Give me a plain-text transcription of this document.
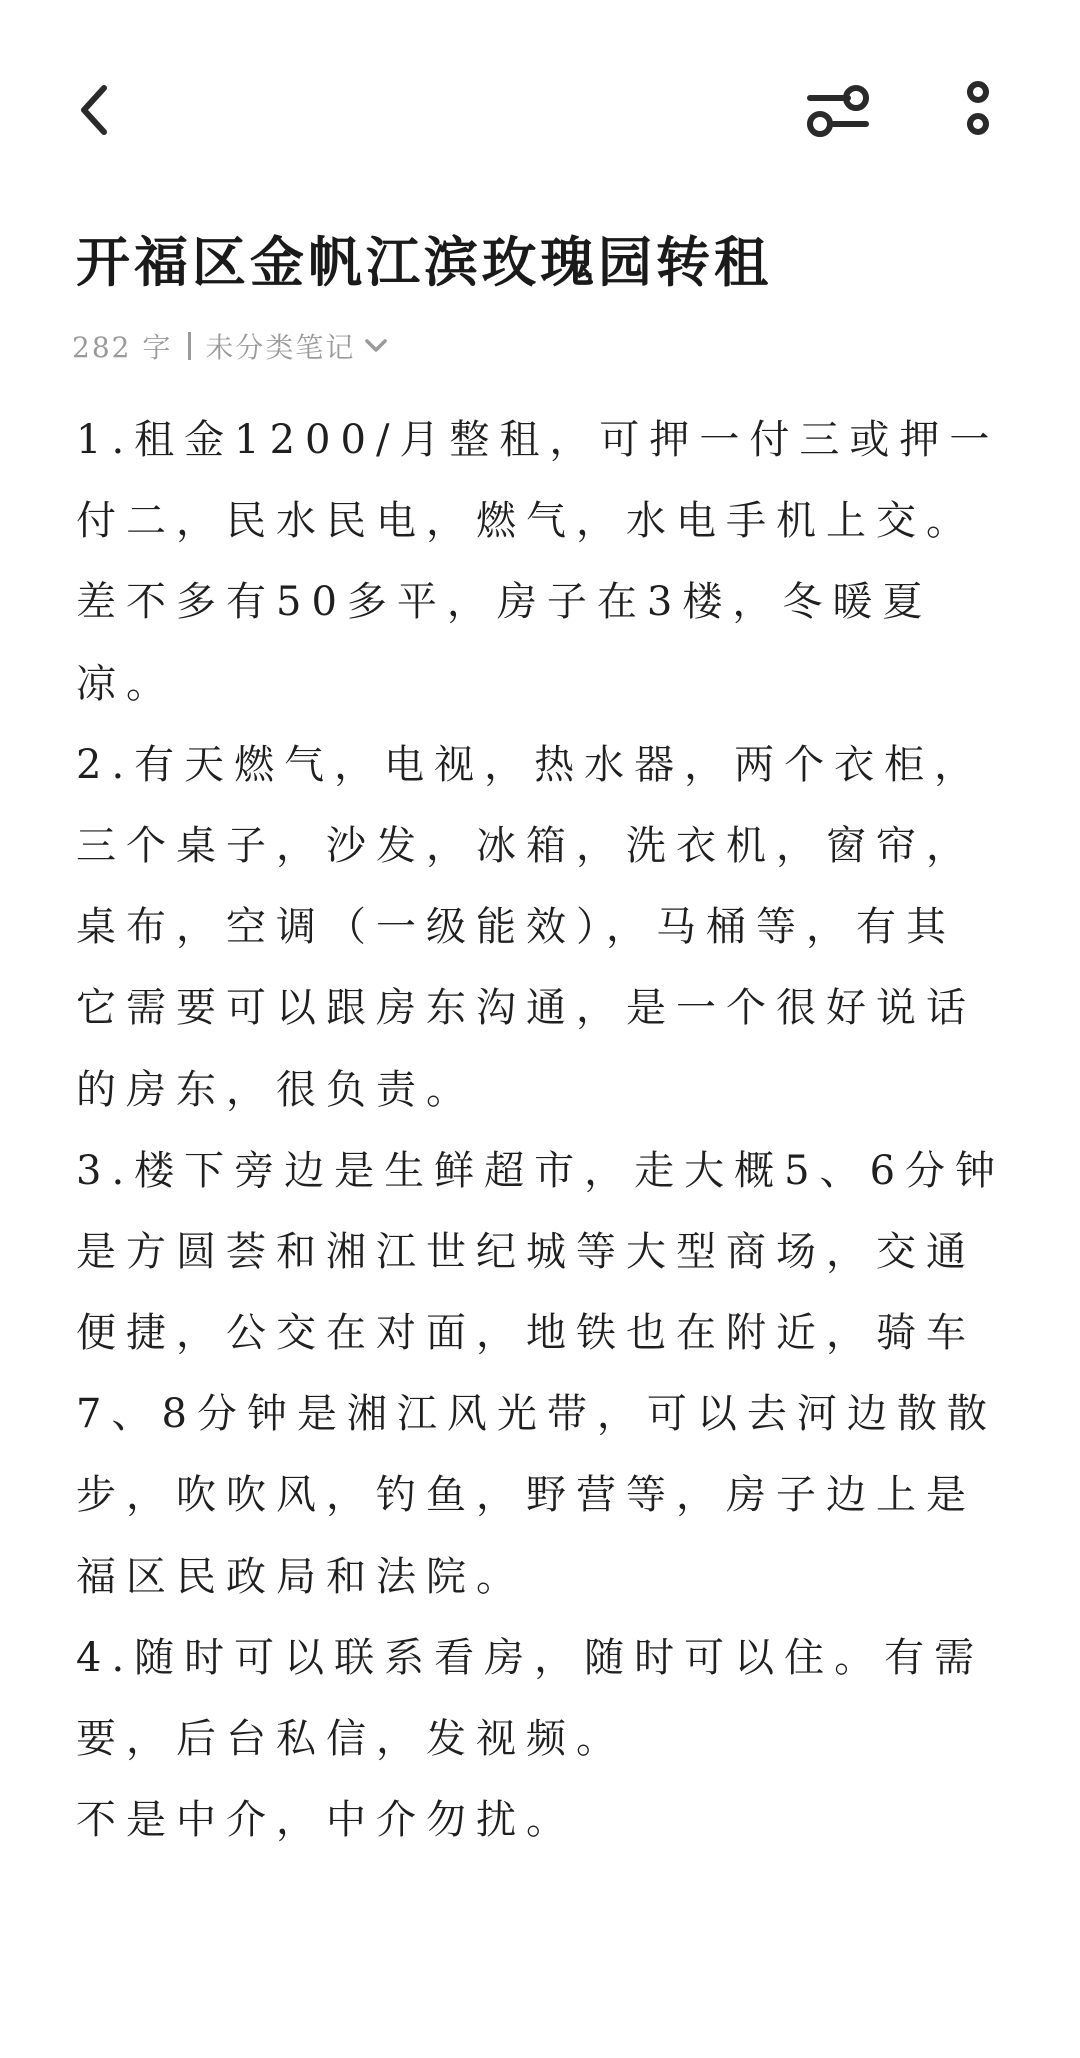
开福区金帆江滨玫瑰园转租
282 字 未分类笔记
1.租金1200/月整租，可押一付三或押一
付二，民水民电，燃气，水电手机上交。
差不多有50多平，房子在3楼，冬暖夏
凉。
2.有天燃气，电视，热水器，两个衣柜，
三个桌子，沙发，冰箱，洗衣机，窗帘，
桌布，空调（一级能效），马桶等，有其
它需要可以跟房东沟通，是一个很好说话
的房东，很负责。
3.楼下旁边是生鲜超市，走大概5、6分钟
是方圆荟和湘江世纪城等大型商场，交通
便捷，公交在对面，地铁也在附近，骑车
7、8分钟是湘江风光带，可以去河边散散
步，吹吹风，钓鱼，野营等，房子边上是
福区民政局和法院。
4.随时可以联系看房，随时可以住。有需
要，后台私信，发视频。
不是中介，中介勿扰。
